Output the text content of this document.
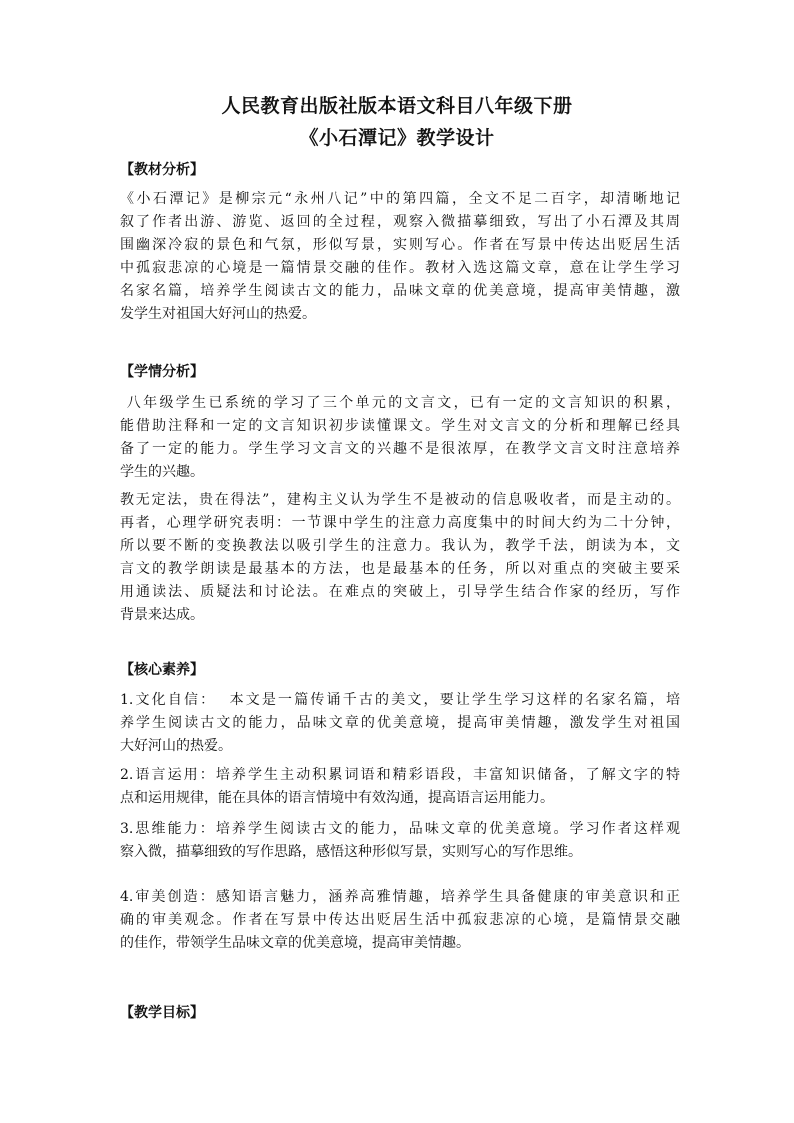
人民教育出版社版本语文科目八年级下册
《小石潭记》教学设计
【教材分析】
《小石潭记》是柳宗元“永州八记”中的第四篇，全文不足二百字，却清晰地记
叙了作者出游、游览、返回的全过程，观察入微描摹细致，写出了小石潭及其周
围幽深冷寂的景色和气氛，形似写景，实则写心。作者在写景中传达出贬居生活
中孤寂悲凉的心境是一篇情景交融的佳作。教材入选这篇文章，意在让学生学习
名家名篇，培养学生阅读古文的能力，品味文章的优美意境，提高审美情趣，激
发学生对祖国大好河山的热爱。
【学情分析】
八年级学生已系统的学习了三个单元的文言文，已有一定的文言知识的积累，
能借助注释和一定的文言知识初步读懂课文。学生对文言文的分析和理解已经具
备了一定的能力。学生学习文言文的兴趣不是很浓厚，在教学文言文时注意培养
学生的兴趣。
教无定法，贵在得法”，建构主义认为学生不是被动的信息吸收者，而是主动的。
再者，心理学研究表明：一节课中学生的注意力高度集中的时间大约为二十分钟，
所以要不断的变换教法以吸引学生的注意力。我认为，教学千法，朗读为本，文
言文的教学朗读是最基本的方法，也是最基本的任务，所以对重点的突破主要采
用通读法、质疑法和讨论法。在难点的突破上，引导学生结合作家的经历，写作
背景来达成。
【核心素养】
1.文化自信：  本文是一篇传诵千古的美文，要让学生学习这样的名家名篇，培
养学生阅读古文的能力，品味文章的优美意境，提高审美情趣，激发学生对祖国
大好河山的热爱。
2.语言运用：培养学生主动积累词语和精彩语段，丰富知识储备，了解文字的特
点和运用规律，能在具体的语言情境中有效沟通，提高语言运用能力。
3.思维能力：培养学生阅读古文的能力，品味文章的优美意境。学习作者这样观
察入微，描摹细致的写作思路，感悟这种形似写景，实则写心的写作思维。
4.审美创造：感知语言魅力，涵养高雅情趣，培养学生具备健康的审美意识和正
确的审美观念。作者在写景中传达出贬居生活中孤寂悲凉的心境，是篇情景交融
的佳作，带领学生品味文章的优美意境，提高审美情趣。
【教学目标】
